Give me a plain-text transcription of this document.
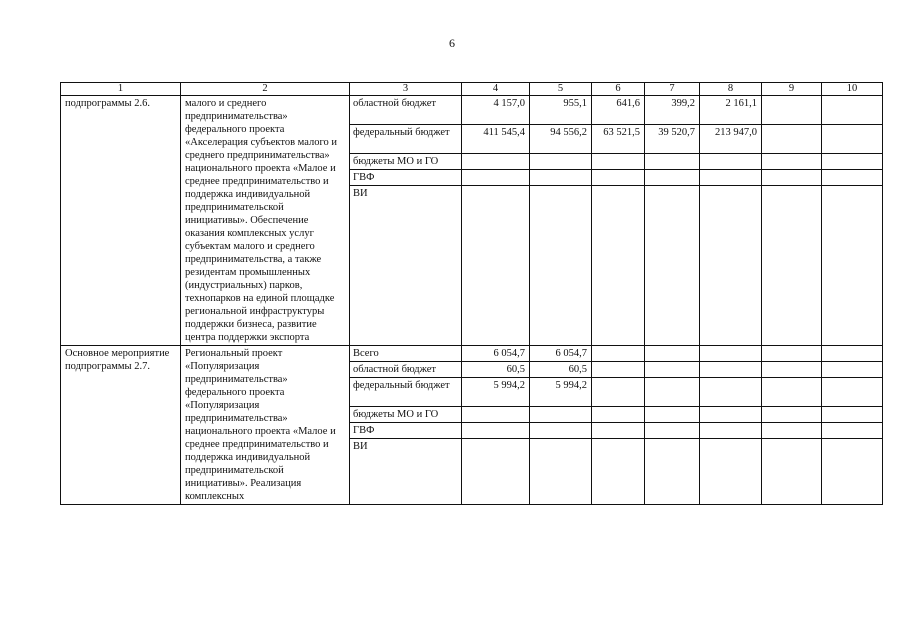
6
1	2	3	4	5	6	7	8	9	10
подпрограммы 2.6.	малого и среднего предпринимательства» федерального проекта «Акселерация субъектов малого и среднего предпринимательства» национального проекта «Малое и среднее предпринимательство и поддержка индивидуальной предпринимательской инициативы». Обеспечение оказания комплексных услуг субъектам малого и среднего предпринимательства, а также резидентам промышленных (индустриальных) парков, технопарков на единой площадке региональной инфраструктуры поддержки бизнеса, развитие центра поддержки экспорта	областной бюджет	4 157,0	955,1	641,6	399,2	2 161,1		
		федеральный бюджет	411 545,4	94 556,2	63 521,5	39 520,7	213 947,0		
		бюджеты МО и ГО							
		ГВФ							
		ВИ							
Основное мероприятие подпрограммы 2.7.	Региональный проект «Популяризация предпринимательства» федерального проекта «Популяризация предпринимательства» национального проекта «Малое и среднее предпринимательство и поддержка индивидуальной предпринимательской инициативы». Реализация комплексных	Всего	6 054,7	6 054,7					
		областной бюджет	60,5	60,5					
		федеральный бюджет	5 994,2	5 994,2					
		бюджеты МО и ГО							
		ГВФ							
		ВИ							
